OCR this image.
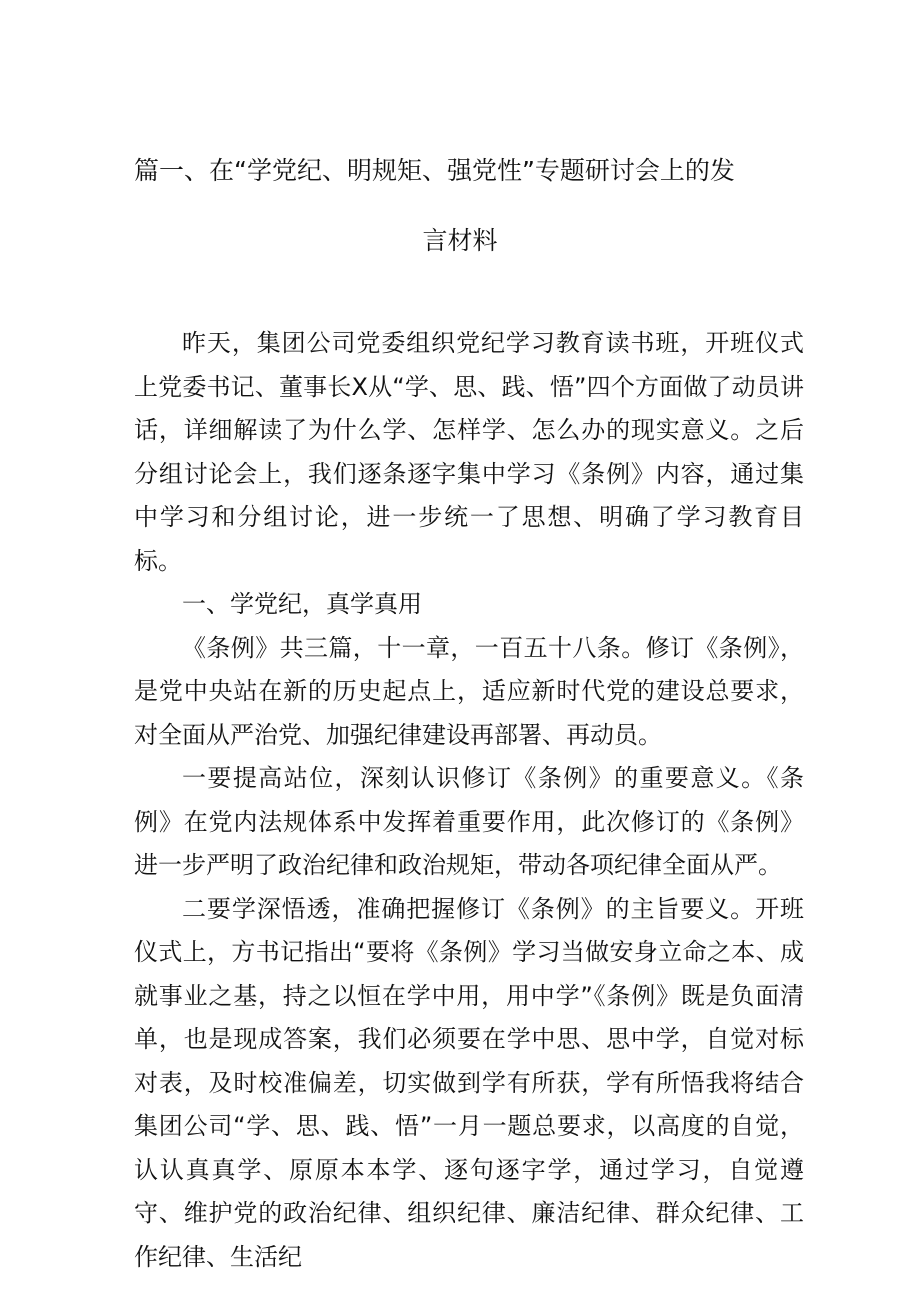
篇一、在“学党纪、明规矩、强党性”专题研讨会上的发
言材料

昨天，集团公司党委组织党纪学习教育读书班，开班仪式上党委书记、董事长X从“学、思、践、悟”四个方面做了动员讲话，详细解读了为什么学、怎样学、怎么办的现实意义。之后分组讨论会上，我们逐条逐字集中学习《条例》内容，通过集中学习和分组讨论，进一步统一了思想、明确了学习教育目标。

一、学党纪，真学真用

《条例》共三篇，十一章，一百五十八条。修订《条例》，是党中央站在新的历史起点上，适应新时代党的建设总要求，对全面从严治党、加强纪律建设再部署、再动员。

一要提高站位，深刻认识修订《条例》的重要意义。《条例》在党内法规体系中发挥着重要作用，此次修订的《条例》进一步严明了政治纪律和政治规矩，带动各项纪律全面从严。

二要学深悟透，准确把握修订《条例》的主旨要义。开班仪式上，方书记指出“要将《条例》学习当做安身立命之本、成就事业之基，持之以恒在学中用，用中学”《条例》既是负面清单，也是现成答案，我们必须要在学中思、思中学，自觉对标对表，及时校准偏差，切实做到学有所获，学有所悟我将结合集团公司“学、思、践、悟”一月一题总要求，以高度的自觉，认认真真学、原原本本学、逐句逐字学，通过学习，自觉遵守、维护党的政治纪律、组织纪律、廉洁纪律、群众纪律、工作纪律、生活纪
